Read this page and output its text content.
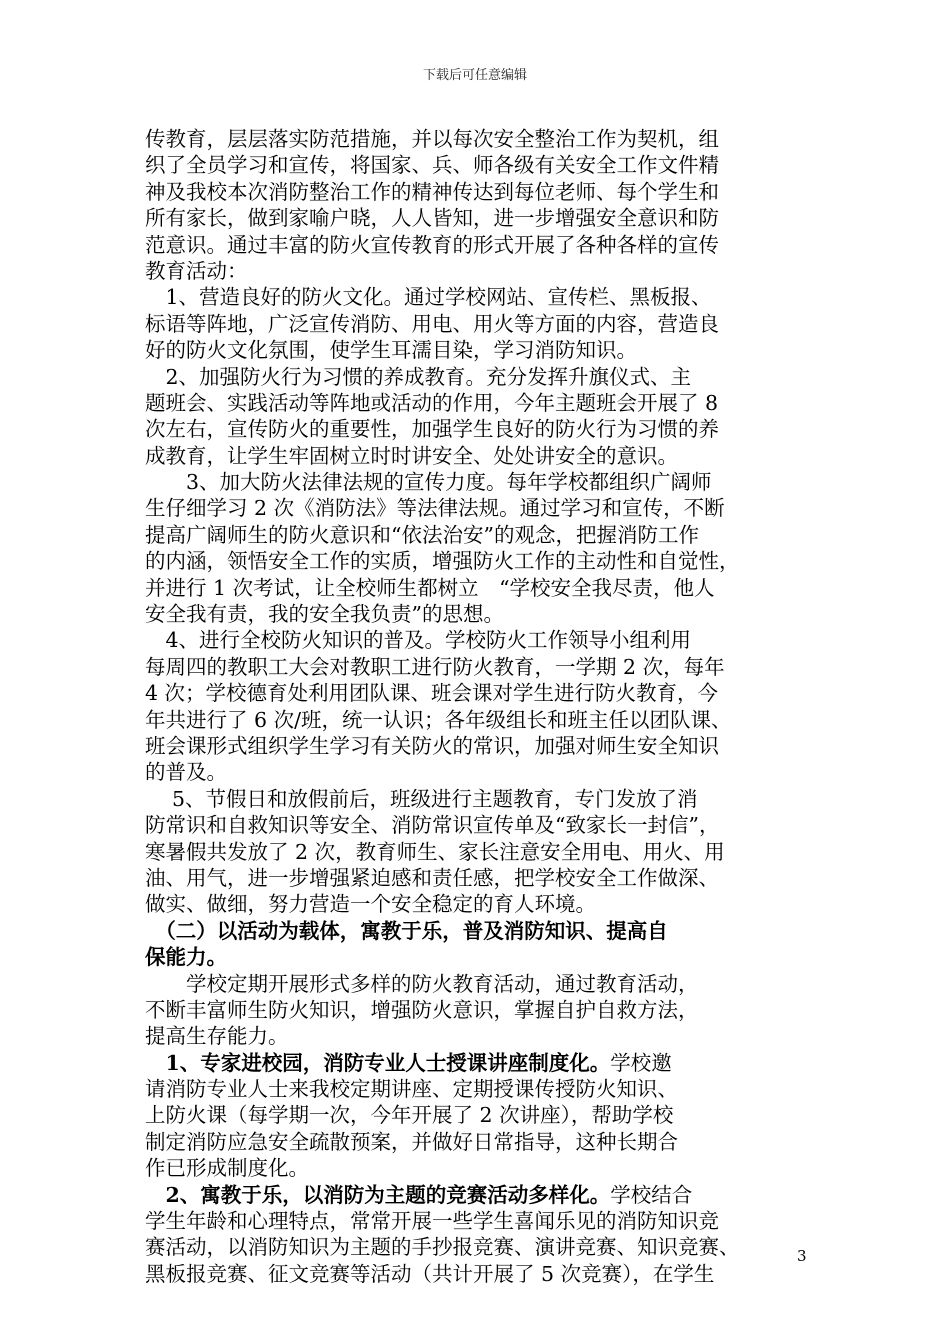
下载后可任意编辑
传教育，层层落实防范措施，并以每次安全整治工作为契机，组
织了全员学习和宣传，将国家、兵、师各级有关安全工作文件精
神及我校本次消防整治工作的精神传达到每位老师、每个学生和
所有家长，做到家喻户晓，人人皆知，进一步增强安全意识和防
范意识。通过丰富的防火宣传教育的形式开展了各种各样的宣传
教育活动：
　1、营造良好的防火文化。通过学校网站、宣传栏、黑板报、
标语等阵地，广泛宣传消防、用电、用火等方面的内容，营造良
好的防火文化氛围，使学生耳濡目染，学习消防知识。
　2、加强防火行为习惯的养成教育。充分发挥升旗仪式、主
题班会、实践活动等阵地或活动的作用，今年主题班会开展了 8
次左右，宣传防火的重要性，加强学生良好的防火行为习惯的养
成教育，让学生牢固树立时时讲安全、处处讲安全的意识。
　　3、加大防火法律法规的宣传力度。每年学校都组织广阔师
生仔细学习 2 次《消防法》等法律法规。通过学习和宣传，不断
提高广阔师生的防火意识和“依法治安”的观念，把握消防工作
的内涵，领悟安全工作的实质，增强防火工作的主动性和自觉性，
并进行 1 次考试，让全校师生都树立　“学校安全我尽责，他人
安全我有责，我的安全我负责”的思想。
　4、进行全校防火知识的普及。学校防火工作领导小组利用
每周四的教职工大会对教职工进行防火教育，一学期 2 次，每年
4 次；学校德育处利用团队课、班会课对学生进行防火教育，今
年共进行了 6 次/班，统一认识；各年级组长和班主任以团队课、
班会课形式组织学生学习有关防火的常识，加强对师生安全知识
的普及。
　 5、节假日和放假前后，班级进行主题教育，专门发放了消
防常识和自救知识等安全、消防常识宣传单及“致家长一封信”，
寒暑假共发放了 2 次，教育师生、家长注意安全用电、用火、用
油、用气，进一步增强紧迫感和责任感，把学校安全工作做深、
做实、做细，努力营造一个安全稳定的育人环境。
　（二）以活动为载体，寓教于乐，普及消防知识、提高自
保能力。
　　学校定期开展形式多样的防火教育活动，通过教育活动，
不断丰富师生防火知识，增强防火意识，掌握自护自救方法，
提高生存能力。
　1、专家进校园，消防专业人士授课讲座制度化。学校邀
请消防专业人士来我校定期讲座、定期授课传授防火知识、
上防火课（每学期一次，今年开展了 2 次讲座），帮助学校
制定消防应急安全疏散预案，并做好日常指导，这种长期合
作已形成制度化。
　2、寓教于乐，以消防为主题的竞赛活动多样化。学校结合
学生年龄和心理特点，常常开展一些学生喜闻乐见的消防知识竞
赛活动，以消防知识为主题的手抄报竞赛、演讲竞赛、知识竞赛、
黑板报竞赛、征文竞赛等活动（共计开展了 5 次竞赛），在学生
3
